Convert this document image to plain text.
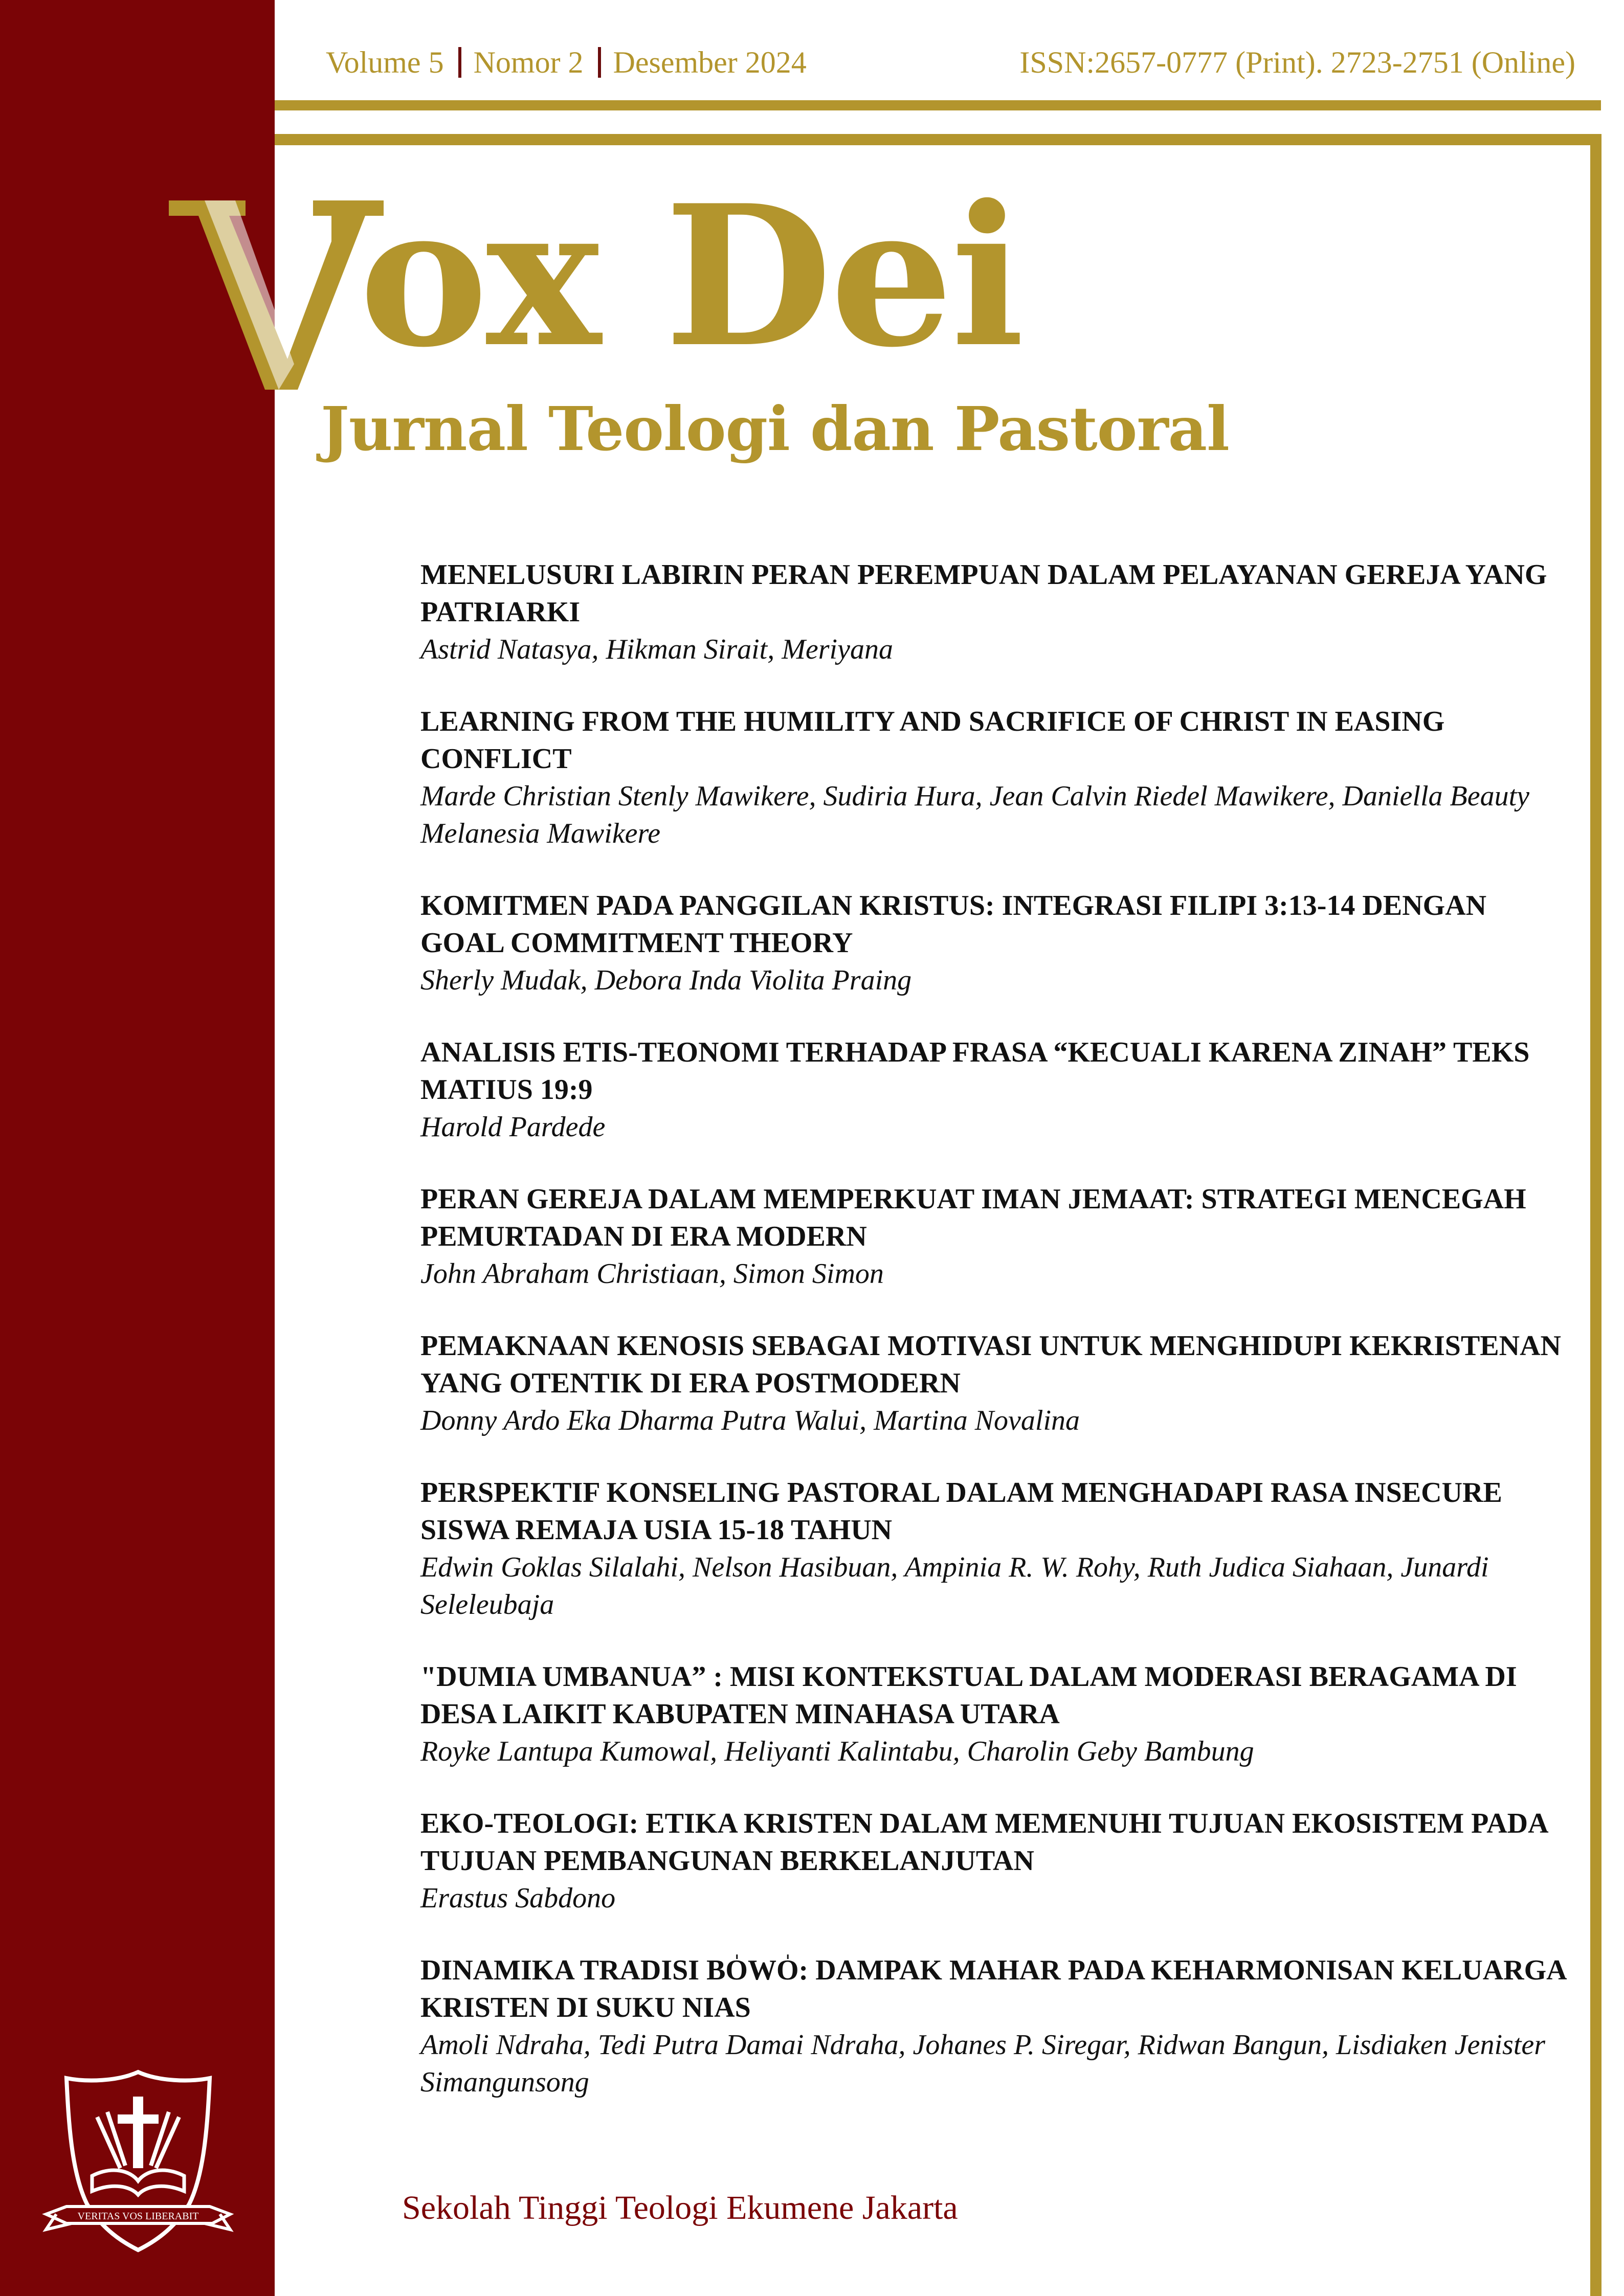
Volume 5 Nomor 2 Desember 2024	ISSN:2657-0777 (Print). 2723-2751 (Online)
ox Dei
Jurnal Teologi dan Pastoral
MENELUSURI LABIRIN PERAN PEREMPUAN DALAM PELAYANAN GEREJA YANG PATRIARKI
Astrid Natasya, Hikman Sirait, Meriyana
LEARNING FROM THE HUMILITY AND SACRIFICE OF CHRIST IN EASING CONFLICT
Marde Christian Stenly Mawikere, Sudiria Hura, Jean Calvin Riedel Mawikere, Daniella Beauty Melanesia Mawikere
KOMITMEN PADA PANGGILAN KRISTUS: INTEGRASI FILIPI 3:13-14 DENGAN GOAL COMMITMENT THEORY
Sherly Mudak, Debora Inda Violita Praing
ANALISIS ETIS-TEONOMI TERHADAP FRASA “KECUALI KARENA ZINAH” TEKS MATIUS 19:9
Harold Pardede
PERAN GEREJA DALAM MEMPERKUAT IMAN JEMAAT: STRATEGI MENCEGAH PEMURTADAN DI ERA MODERN
John Abraham Christiaan, Simon Simon
PEMAKNAAN KENOSIS SEBAGAI MOTIVASI UNTUK MENGHIDUPI KEKRISTENAN YANG OTENTIK DI ERA POSTMODERN
Donny Ardo Eka Dharma Putra Walui, Martina Novalina
PERSPEKTIF KONSELING PASTORAL DALAM MENGHADAPI RASA INSECURE SISWA REMAJA USIA 15-18 TAHUN
Edwin Goklas Silalahi, Nelson Hasibuan, Ampinia R. W. Rohy, Ruth Judica Siahaan, Junardi Seleleubaja
"DUMIA UMBANUA” : MISI KONTEKSTUAL DALAM MODERASI BERAGAMA DI DESA LAIKIT KABUPATEN MINAHASA UTARA
Royke Lantupa Kumowal, Heliyanti Kalintabu, Charolin Geby Bambung
EKO-TEOLOGI: ETIKA KRISTEN DALAM MEMENUHI TUJUAN EKOSISTEM PADA TUJUAN PEMBANGUNAN BERKELANJUTAN
Erastus Sabdono
DINAMIKA TRADISI BO̍WO̍: DAMPAK MAHAR PADA KEHARMONISAN KELUARGA KRISTEN DI SUKU NIAS
Amoli Ndraha, Tedi Putra Damai Ndraha, Johanes P. Siregar, Ridwan Bangun, Lisdiaken Jenister Simangunsong
VERITAS VOS LIBERABIT	Sekolah Tinggi Teologi Ekumene Jakarta
